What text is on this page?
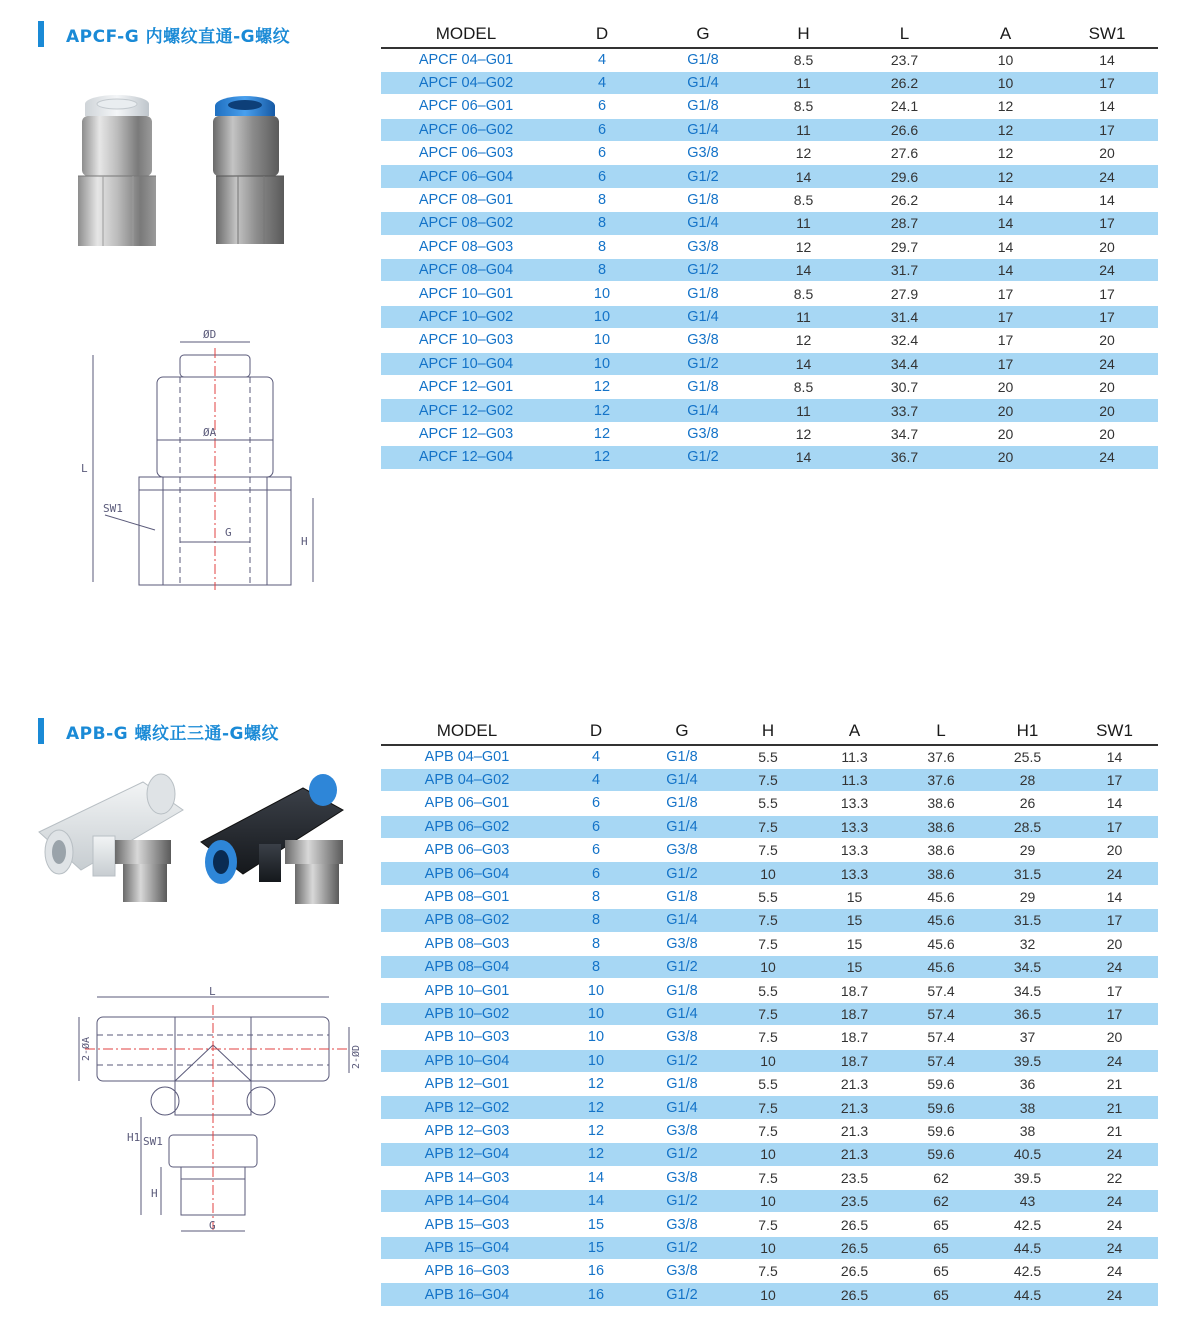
APCF-G 内螺纹直通-G螺纹
ØD
ØA
L
SW1
G
H
MODEL	D	G	H	L	A	SW1
APCF 04–G01	4	G1/8	8.5	23.7	10	14
APCF 04–G02	4	G1/4	11	26.2	10	17
APCF 06–G01	6	G1/8	8.5	24.1	12	14
APCF 06–G02	6	G1/4	11	26.6	12	17
APCF 06–G03	6	G3/8	12	27.6	12	20
APCF 06–G04	6	G1/2	14	29.6	12	24
APCF 08–G01	8	G1/8	8.5	26.2	14	14
APCF 08–G02	8	G1/4	11	28.7	14	17
APCF 08–G03	8	G3/8	12	29.7	14	20
APCF 08–G04	8	G1/2	14	31.7	14	24
APCF 10–G01	10	G1/8	8.5	27.9	17	17
APCF 10–G02	10	G1/4	11	31.4	17	17
APCF 10–G03	10	G3/8	12	32.4	17	20
APCF 10–G04	10	G1/2	14	34.4	17	24
APCF 12–G01	12	G1/8	8.5	30.7	20	20
APCF 12–G02	12	G1/4	11	33.7	20	20
APCF 12–G03	12	G3/8	12	34.7	20	20
APCF 12–G04	12	G1/2	14	36.7	20	24
APB-G 螺纹正三通-G螺纹
L
2-ØA	2-ØD
H1 SW1
H
G
MODEL	D	G	H	A	L	H1	SW1
APB 04–G01	4	G1/8	5.5	11.3	37.6	25.5	14
APB 04–G02	4	G1/4	7.5	11.3	37.6	28	17
APB 06–G01	6	G1/8	5.5	13.3	38.6	26	14
APB 06–G02	6	G1/4	7.5	13.3	38.6	28.5	17
APB 06–G03	6	G3/8	7.5	13.3	38.6	29	20
APB 06–G04	6	G1/2	10	13.3	38.6	31.5	24
APB 08–G01	8	G1/8	5.5	15	45.6	29	14
APB 08–G02	8	G1/4	7.5	15	45.6	31.5	17
APB 08–G03	8	G3/8	7.5	15	45.6	32	20
APB 08–G04	8	G1/2	10	15	45.6	34.5	24
APB 10–G01	10	G1/8	5.5	18.7	57.4	34.5	17
APB 10–G02	10	G1/4	7.5	18.7	57.4	36.5	17
APB 10–G03	10	G3/8	7.5	18.7	57.4	37	20
APB 10–G04	10	G1/2	10	18.7	57.4	39.5	24
APB 12–G01	12	G1/8	5.5	21.3	59.6	36	21
APB 12–G02	12	G1/4	7.5	21.3	59.6	38	21
APB 12–G03	12	G3/8	7.5	21.3	59.6	38	21
APB 12–G04	12	G1/2	10	21.3	59.6	40.5	24
APB 14–G03	14	G3/8	7.5	23.5	62	39.5	22
APB 14–G04	14	G1/2	10	23.5	62	43	24
APB 15–G03	15	G3/8	7.5	26.5	65	42.5	24
APB 15–G04	15	G1/2	10	26.5	65	44.5	24
APB 16–G03	16	G3/8	7.5	26.5	65	42.5	24
APB 16–G04	16	G1/2	10	26.5	65	44.5	24
